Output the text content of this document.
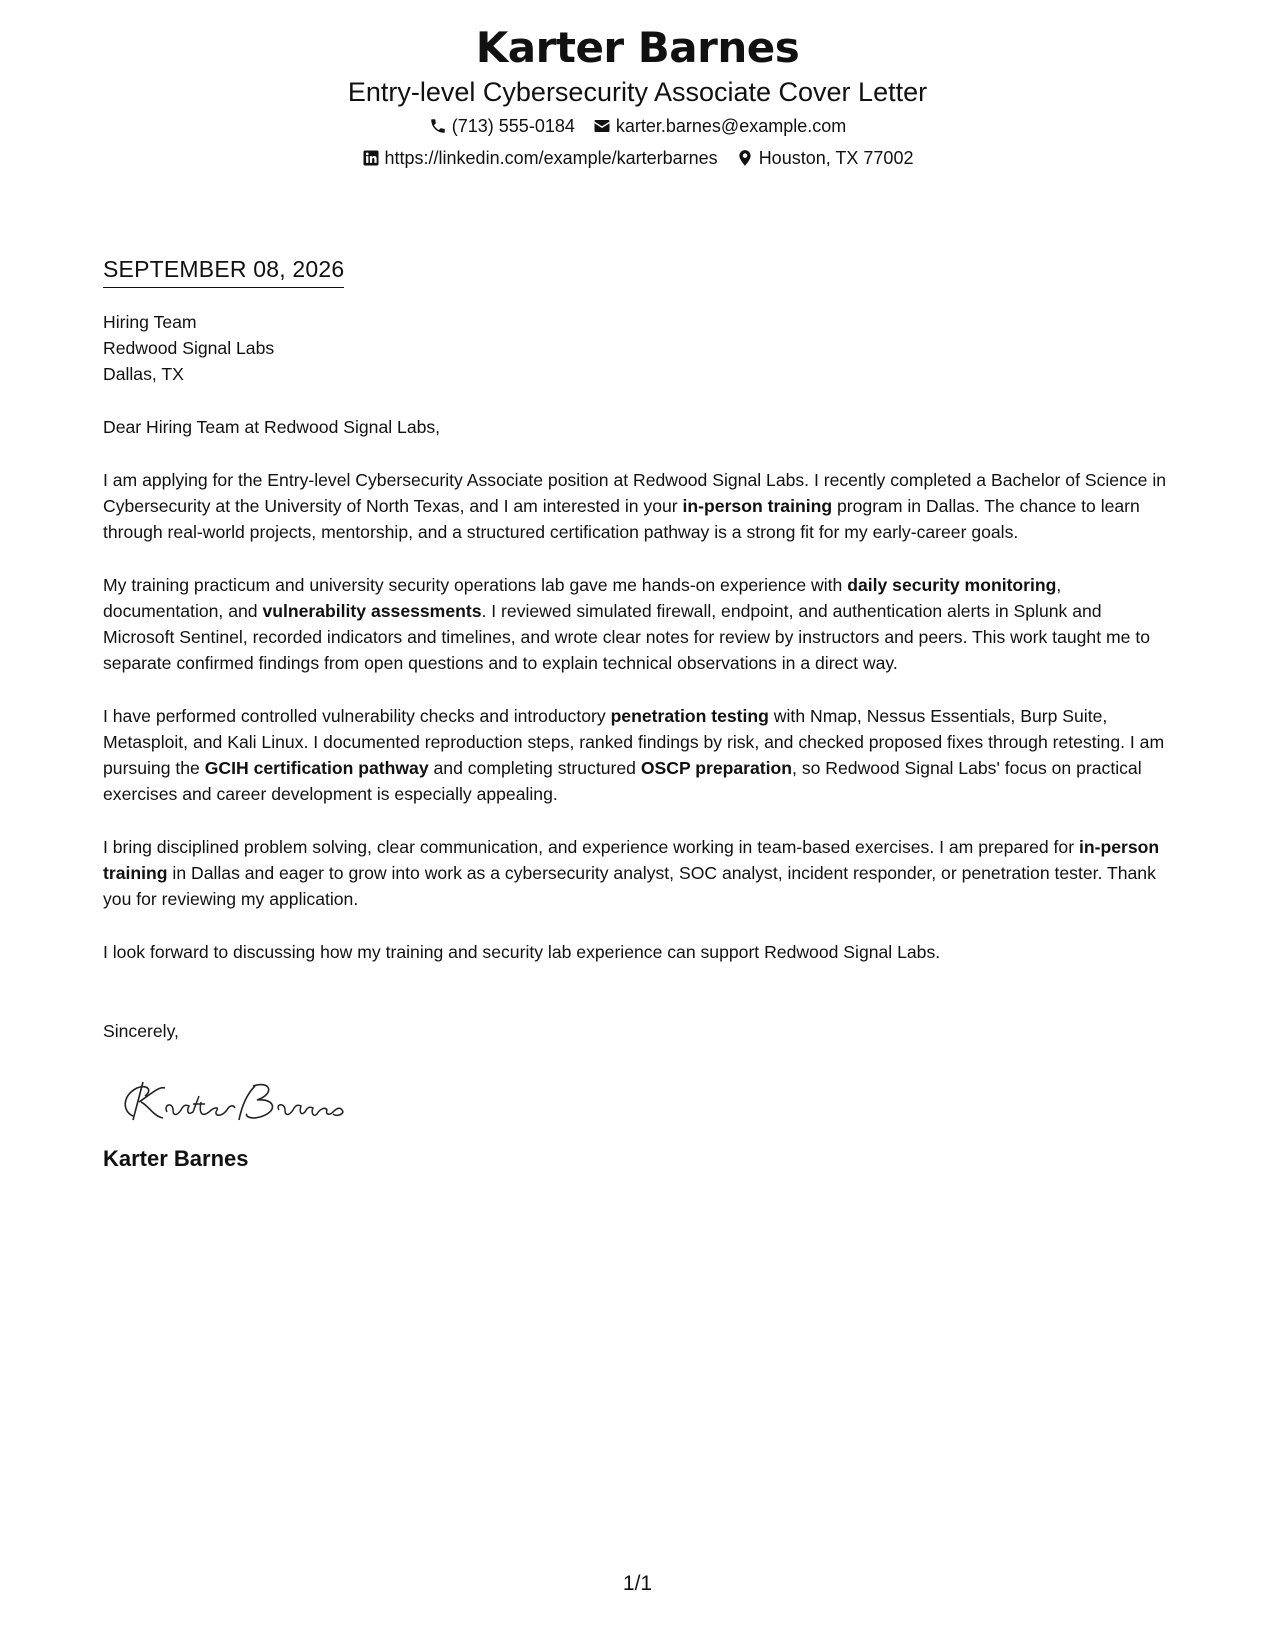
Karter Barnes
Entry-level Cybersecurity Associate Cover Letter
(713) 555-0184 karter.barnes@example.com
https://linkedin.com/example/karterbarnes Houston, TX 77002
SEPTEMBER 08, 2026
Hiring Team
Redwood Signal Labs
Dallas, TX

Dear Hiring Team at Redwood Signal Labs,

I am applying for the Entry-level Cybersecurity Associate position at Redwood Signal Labs. I recently completed a Bachelor of Science in Cybersecurity at the University of North Texas, and I am interested in your in-person training program in Dallas. The chance to learn through real-world projects, mentorship, and a structured certification pathway is a strong fit for my early-career goals.

My training practicum and university security operations lab gave me hands-on experience with daily security monitoring, documentation, and vulnerability assessments. I reviewed simulated firewall, endpoint, and authentication alerts in Splunk and Microsoft Sentinel, recorded indicators and timelines, and wrote clear notes for review by instructors and peers. This work taught me to separate confirmed findings from open questions and to explain technical observations in a direct way.

I have performed controlled vulnerability checks and introductory penetration testing with Nmap, Nessus Essentials, Burp Suite, Metasploit, and Kali Linux. I documented reproduction steps, ranked findings by risk, and checked proposed fixes through retesting. I am pursuing the GCIH certification pathway and completing structured OSCP preparation, so Redwood Signal Labs' focus on practical exercises and career development is especially appealing.

I bring disciplined problem solving, clear communication, and experience working in team-based exercises. I am prepared for in-person training in Dallas and eager to grow into work as a cybersecurity analyst, SOC analyst, incident responder, or penetration tester. Thank you for reviewing my application.

I look forward to discussing how my training and security lab experience can support Redwood Signal Labs.

Sincerely,

Karter Barnes
1/1
